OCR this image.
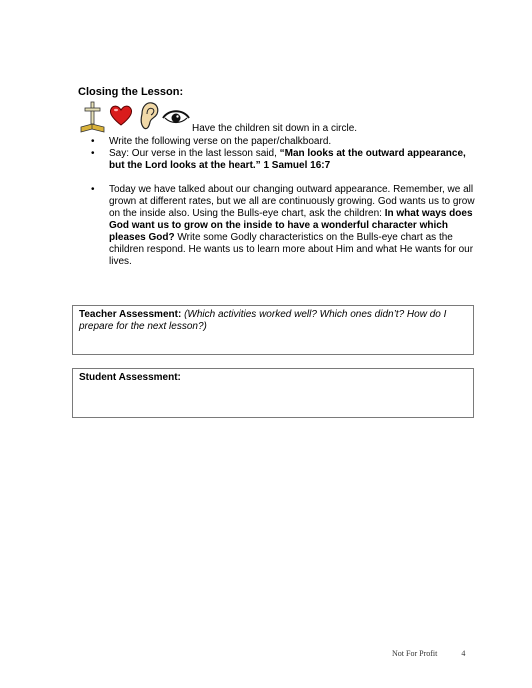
Closing the Lesson:
Have the children sit down in a circle.
• Write the following verse on the paper/chalkboard.
• Say: Our verse in the last lesson said, “Man looks at the outward appearance, but the Lord looks at the heart.” 1 Samuel 16:7
• Today we have talked about our changing outward appearance. Remember, we all grown at different rates, but we all are continuously growing. God wants us to grow on the inside also. Using the Bulls-eye chart, ask the children: In what ways does God want us to grow on the inside to have a wonderful character which pleases God? Write some Godly characteristics on the Bulls-eye chart as the children respond. He wants us to learn more about Him and what He wants for our lives.
Teacher Assessment: (Which activities worked well? Which ones didn’t? How do I prepare for the next lesson?)
Student Assessment:
Not For Profit	4
